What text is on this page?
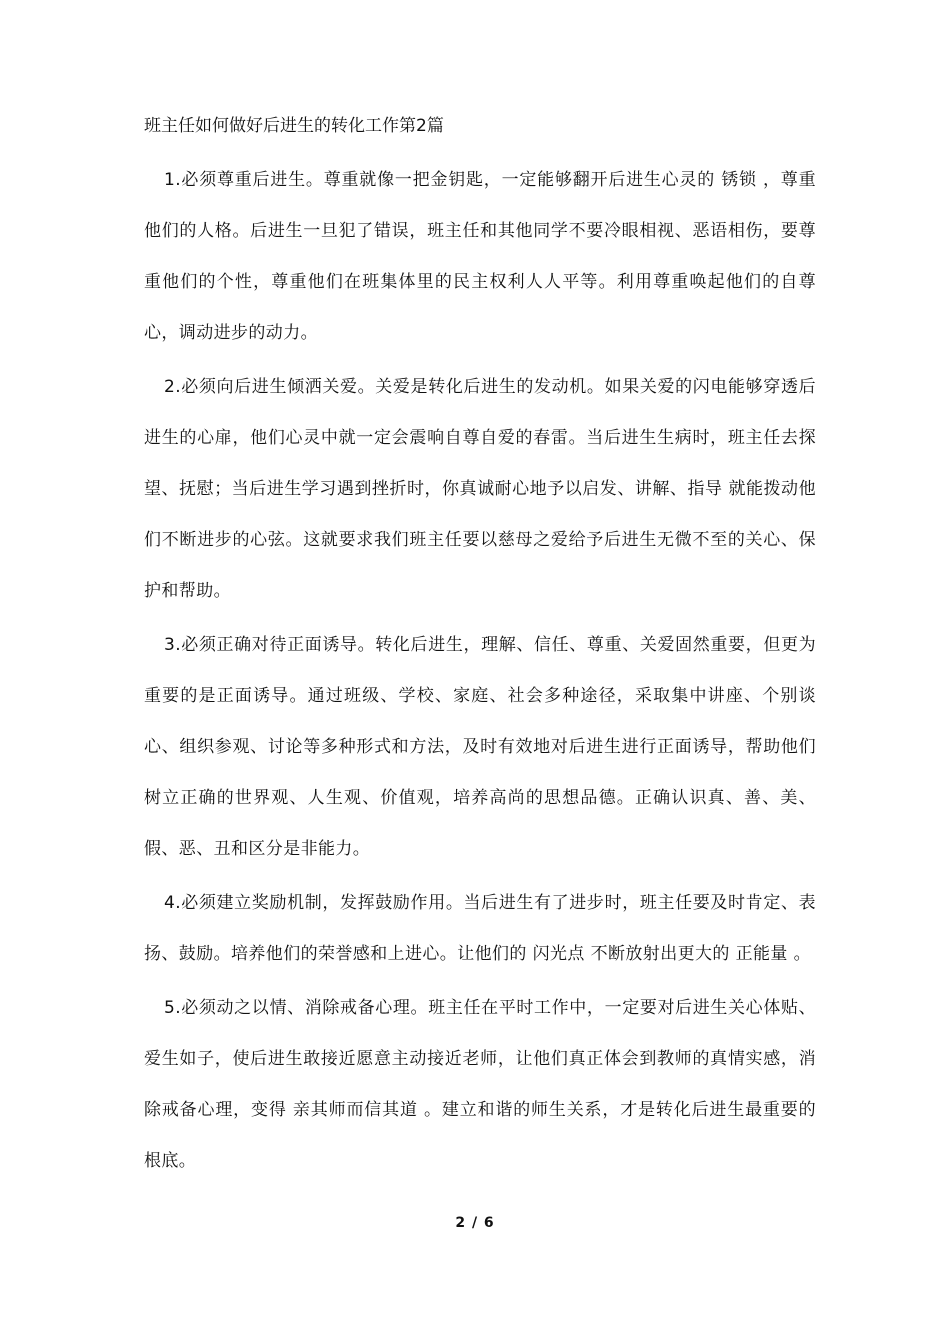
班主任如何做好后进生的转化工作第2篇

1.必须尊重后进生。尊重就像一把金钥匙，一定能够翻开后进生心灵的 锈锁 ，尊重他们的人格。后进生一旦犯了错误，班主任和其他同学不要冷眼相视、恶语相伤，要尊重他们的个性，尊重他们在班集体里的民主权利人人平等。利用尊重唤起他们的自尊心，调动进步的动力。

2.必须向后进生倾洒关爱。关爱是转化后进生的发动机。如果关爱的闪电能够穿透后进生的心扉，他们心灵中就一定会震响自尊自爱的春雷。当后进生生病时，班主任去探望、抚慰；当后进生学习遇到挫折时，你真诚耐心地予以启发、讲解、指导 就能拨动他们不断进步的心弦。这就要求我们班主任要以慈母之爱给予后进生无微不至的关心、保护和帮助。

3.必须正确对待正面诱导。转化后进生，理解、信任、尊重、关爱固然重要，但更为重要的是正面诱导。通过班级、学校、家庭、社会多种途径，采取集中讲座、个别谈心、组织参观、讨论等多种形式和方法，及时有效地对后进生进行正面诱导，帮助他们树立正确的世界观、人生观、价值观，培养高尚的思想品德。正确认识真、善、美、假、恶、丑和区分是非能力。

4.必须建立奖励机制，发挥鼓励作用。当后进生有了进步时，班主任要及时肯定、表扬、鼓励。培养他们的荣誉感和上进心。让他们的 闪光点 不断放射出更大的 正能量 。

5.必须动之以情、消除戒备心理。班主任在平时工作中，一定要对后进生关心体贴、爱生如子，使后进生敢接近愿意主动接近老师，让他们真正体会到教师的真情实感，消除戒备心理，变得 亲其师而信其道 。建立和谐的师生关系，才是转化后进生最重要的根底。

2 / 6
